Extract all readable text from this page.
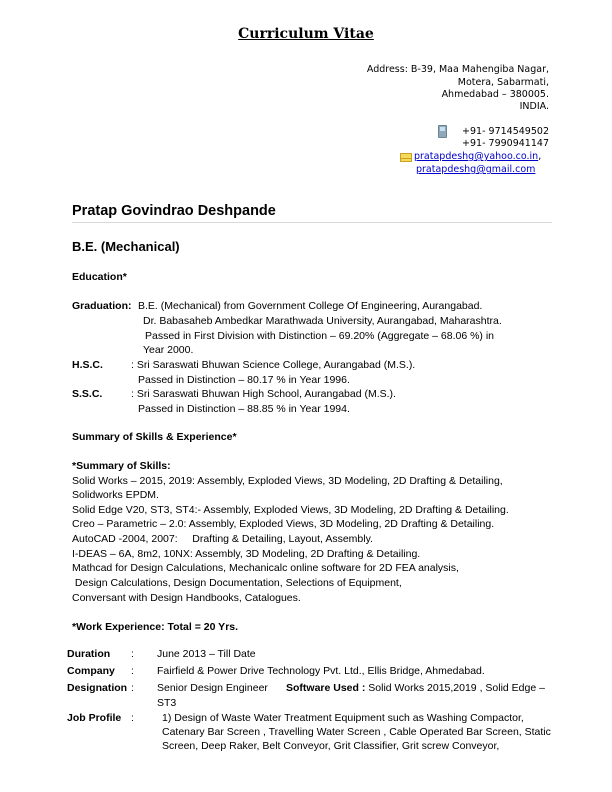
Curriculum Vitae
Address: B-39, Maa Mahengiba Nagar,
Motera, Sabarmati,
Ahmedabad – 380005.
INDIA.
+91- 9714549502
+91- 7990941147
pratapdeshg@yahoo.co.in,
pratapdeshg@gmail.com
Pratap Govindrao Deshpande
B.E. (Mechanical)
Education*
Graduation: B.E. (Mechanical) from Government College Of Engineering, Aurangabad.
Dr. Babasaheb Ambedkar Marathwada University, Aurangabad, Maharashtra.
Passed in First Division with Distinction – 69.20% (Aggregate – 68.06 %) in
Year 2000.
H.S.C.	: Sri Saraswati Bhuwan Science College, Aurangabad (M.S.).
Passed in Distinction – 80.17 % in Year 1996.
S.S.C.	: Sri Saraswati Bhuwan High School, Aurangabad (M.S.).
Passed in Distinction – 88.85 % in Year 1994.
Summary of Skills & Experience*
*Summary of Skills:
Solid Works – 2015, 2019: Assembly, Exploded Views, 3D Modeling, 2D Drafting & Detailing,
Solidworks EPDM.
Solid Edge V20, ST3, ST4:- Assembly, Exploded Views, 3D Modeling, 2D Drafting & Detailing.
Creo – Parametric – 2.0: Assembly, Exploded Views, 3D Modeling, 2D Drafting & Detailing.
AutoCAD -2004, 2007:     Drafting & Detailing, Layout, Assembly.
I-DEAS – 6A, 8m2, 10NX: Assembly, 3D Modeling, 2D Drafting & Detailing.
Mathcad for Design Calculations, Mechanicalc online software for 2D FEA analysis,
Design Calculations, Design Documentation, Selections of Equipment,
Conversant with Design Handbooks, Catalogues.
*Work Experience: Total = 20 Yrs.
Duration : June 2013 – Till Date
Company : Fairfield & Power Drive Technology Pvt. Ltd., Ellis Bridge, Ahmedabad.
Designation : Senior Design Engineer Software Used : Solid Works 2015,2019 , Solid Edge –
ST3
Job Profile :	1) Design of Waste Water Treatment Equipment such as Washing Compactor,
Catenary Bar Screen , Travelling Water Screen , Cable Operated Bar Screen, Static
Screen, Deep Raker, Belt Conveyor, Grit Classifier, Grit screw Conveyor,
